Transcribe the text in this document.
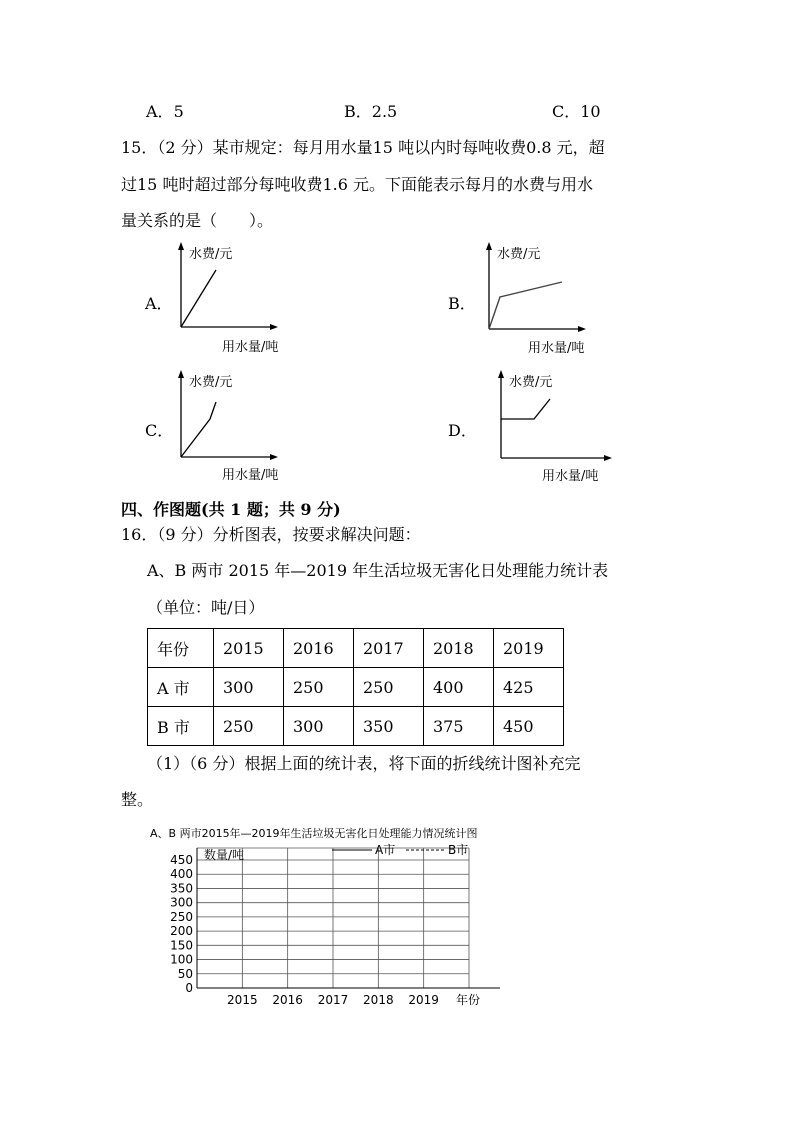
A．5	B．2.5	C．10
15．（2 分）某市规定：每月用水量15 吨以内时每吨收费0.8 元，超
过15 吨时超过部分每吨收费1.6 元。下面能表示每月的水费与用水
量关系的是（　　）。
A．
水费/元
用水量/吨
B．
水费/元
用水量/吨
C．
水费/元
用水量/吨
D．
水费/元
用水量/吨
四、作图题(共 1 题；共 9 分)
16．（9 分）分析图表，按要求解决问题：
A、B 两市 2015 年—2019 年生活垃圾无害化日处理能力统计表
（单位：吨/日）
年份	2015	2016	2017	2018	2019
A 市	300	250	250	400	425
B 市	250	300	350	375	450
（1）（6 分）根据上面的统计表，将下面的折线统计图补充完
整。
A、B 两市2015年—2019年生活垃圾无害化日处理能力情况统计图
0
50
100
150
200
250
300
350
400
450
2015 2016 2017 2018 2019 年份
数量/吨	A市	B市
